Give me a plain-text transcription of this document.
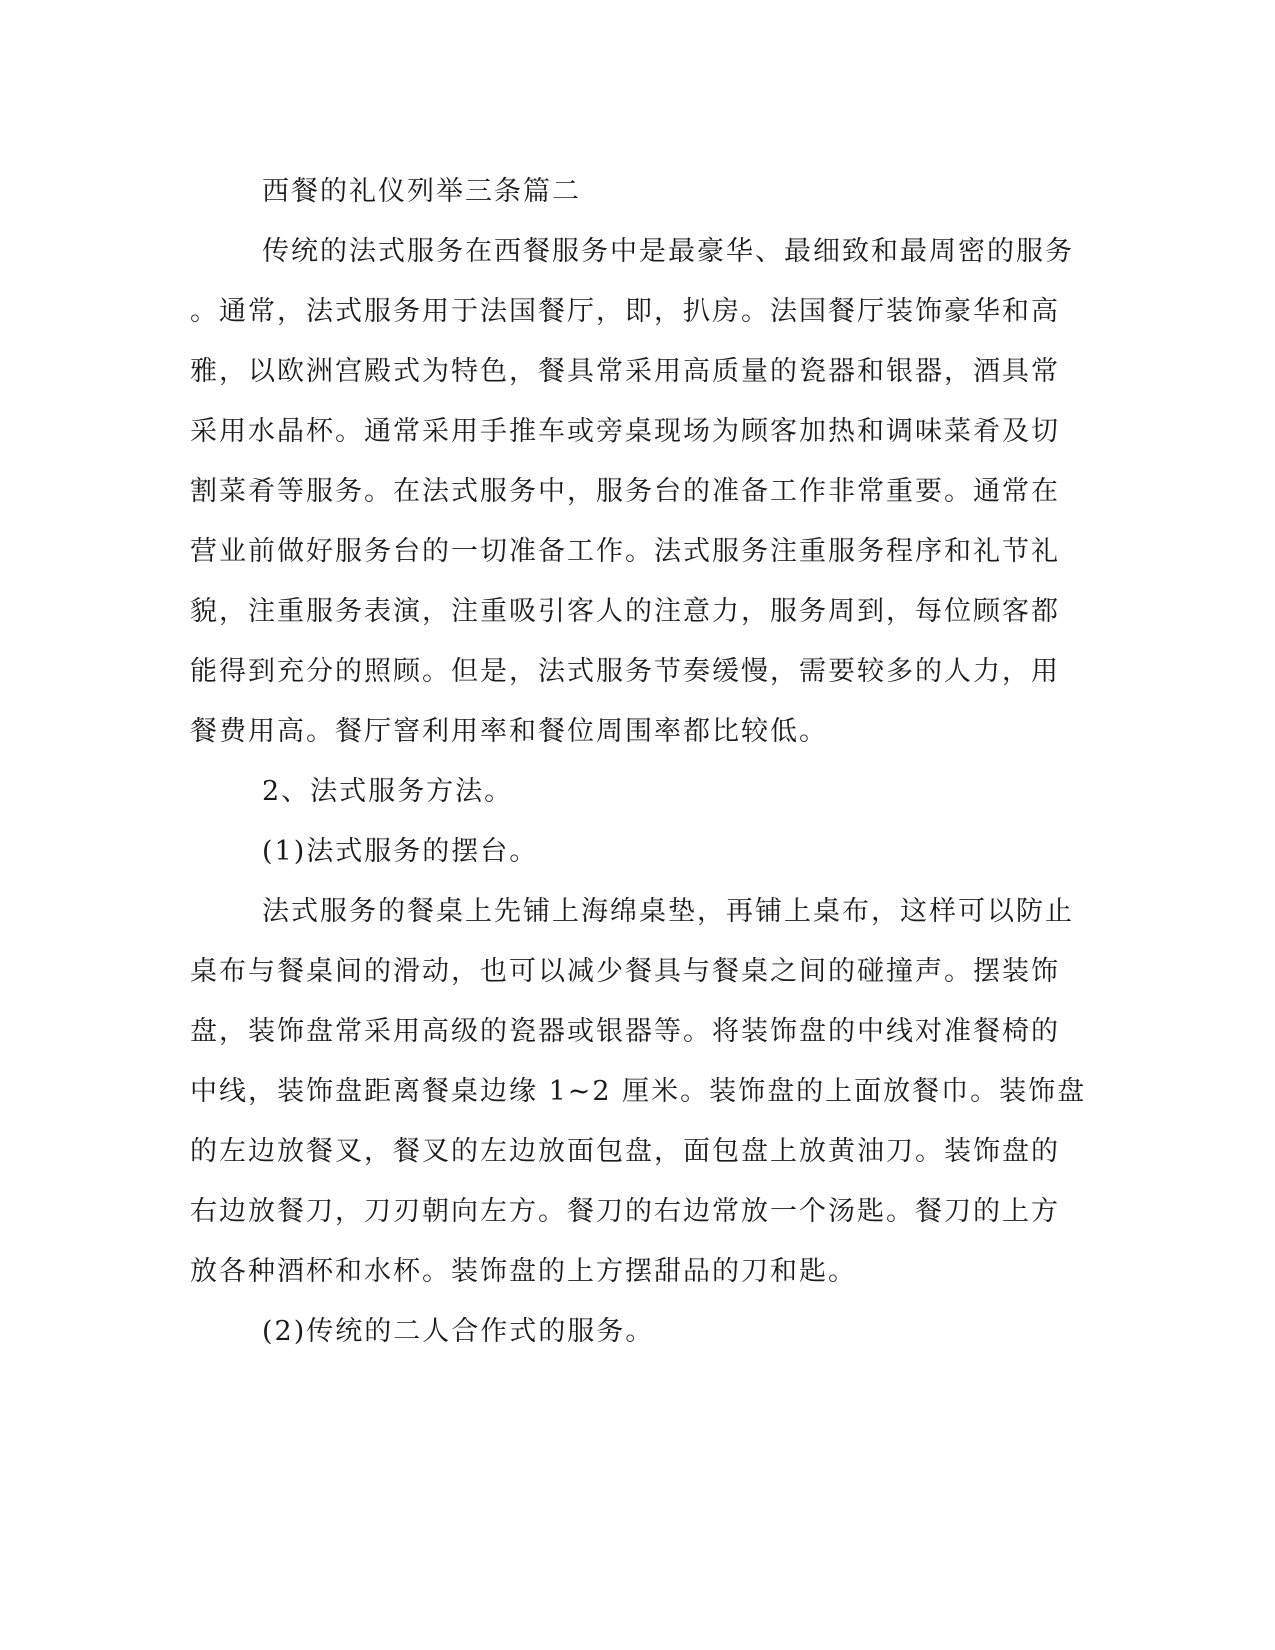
西餐的礼仪列举三条篇二
传统的法式服务在西餐服务中是最豪华、最细致和最周密的服务
。通常，法式服务用于法国餐厅，即，扒房。法国餐厅装饰豪华和高
雅，以欧洲宫殿式为特色，餐具常采用高质量的瓷器和银器，酒具常
采用水晶杯。通常采用手推车或旁桌现场为顾客加热和调味菜肴及切
割菜肴等服务。在法式服务中，服务台的准备工作非常重要。通常在
营业前做好服务台的一切准备工作。法式服务注重服务程序和礼节礼
貌，注重服务表演，注重吸引客人的注意力，服务周到，每位顾客都
能得到充分的照顾。但是，法式服务节奏缓慢，需要较多的人力，用
餐费用高。餐厅窨利用率和餐位周围率都比较低。
2、法式服务方法。
(1)法式服务的摆台。
法式服务的餐桌上先铺上海绵桌垫，再铺上桌布，这样可以防止
桌布与餐桌间的滑动，也可以减少餐具与餐桌之间的碰撞声。摆装饰
盘，装饰盘常采用高级的瓷器或银器等。将装饰盘的中线对准餐椅的
中线，装饰盘距离餐桌边缘 1~2 厘米。装饰盘的上面放餐巾。装饰盘
的左边放餐叉，餐叉的左边放面包盘，面包盘上放黄油刀。装饰盘的
右边放餐刀，刀刃朝向左方。餐刀的右边常放一个汤匙。餐刀的上方
放各种酒杯和水杯。装饰盘的上方摆甜品的刀和匙。
(2)传统的二人合作式的服务。
